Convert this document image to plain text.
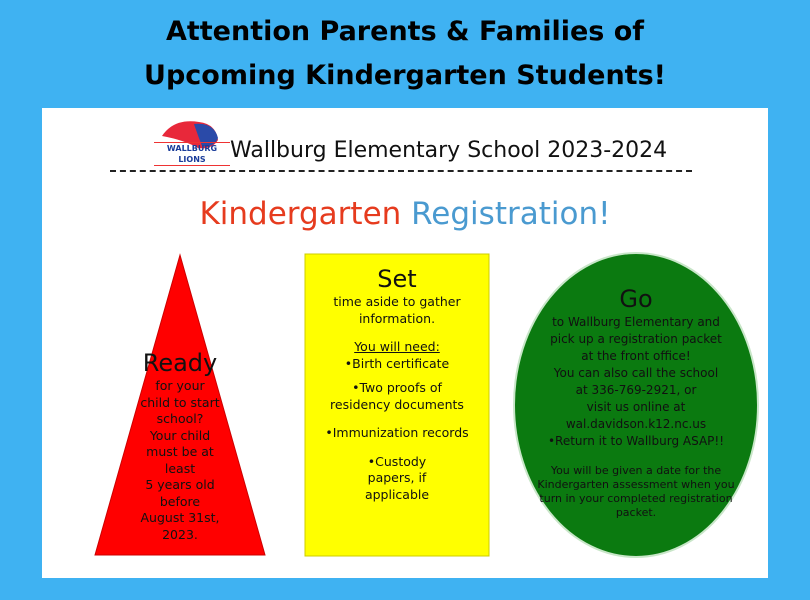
Attention Parents & Families of
Upcoming Kindergarten Students!
WALLBURG LIONS	Wallburg Elementary School 2023-2024
Kindergarten Registration!
Ready
for your
child to start
school?
Your child
must be at
least
5 years old
before
August 31st,
2023.
Set
time aside to gather information.
You will need:
•Birth certificate
•Two proofs of residency documents
•Immunization records
•Custody papers, if applicable
Go
to Wallburg Elementary and
pick up a registration packet
at the front office!
You can also call the school
at 336-769-2921, or
visit us online at
wal.davidson.k12.nc.us
•Return it to Wallburg ASAP!!
You will be given a date for the Kindergarten assessment when you turn in your completed registration packet.
